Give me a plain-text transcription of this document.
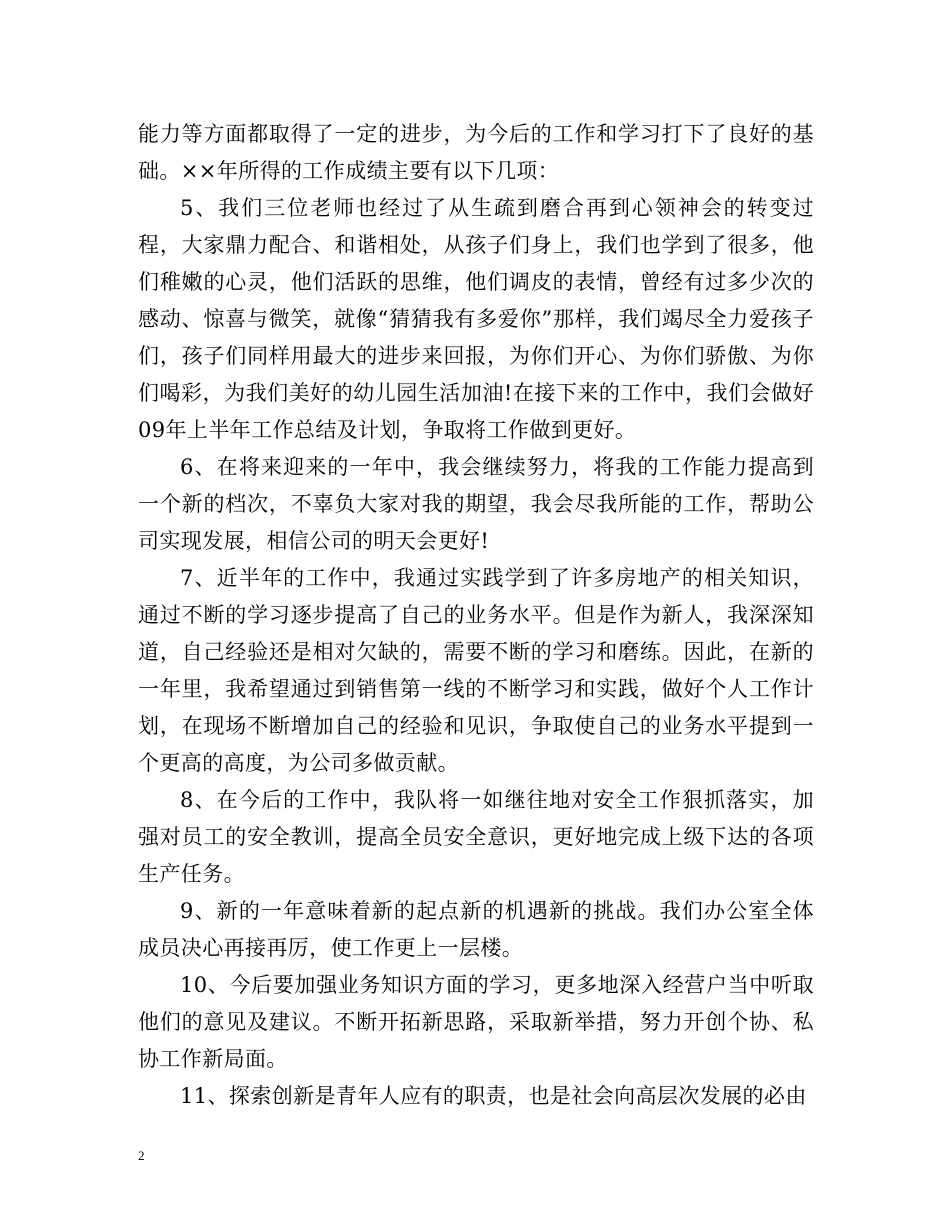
能力等方面都取得了一定的进步，为今后的工作和学习打下了良好的基础。××年所得的工作成绩主要有以下几项：

5、我们三位老师也经过了从生疏到磨合再到心领神会的转变过程，大家鼎力配合、和谐相处，从孩子们身上，我们也学到了很多，他们稚嫩的心灵，他们活跃的思维，他们调皮的表情，曾经有过多少次的感动、惊喜与微笑，就像“猜猜我有多爱你”那样，我们竭尽全力爱孩子们，孩子们同样用最大的进步来回报，为你们开心、为你们骄傲、为你们喝彩，为我们美好的幼儿园生活加油!在接下来的工作中，我们会做好09年上半年工作总结及计划，争取将工作做到更好。

6、在将来迎来的一年中，我会继续努力，将我的工作能力提高到一个新的档次，不辜负大家对我的期望，我会尽我所能的工作，帮助公司实现发展，相信公司的明天会更好!

7、近半年的工作中，我通过实践学到了许多房地产的相关知识，通过不断的学习逐步提高了自己的业务水平。但是作为新人，我深深知道，自己经验还是相对欠缺的，需要不断的学习和磨练。因此，在新的一年里，我希望通过到销售第一线的不断学习和实践，做好个人工作计划，在现场不断增加自己的经验和见识，争取使自己的业务水平提到一个更高的高度，为公司多做贡献。

8、在今后的工作中，我队将一如继往地对安全工作狠抓落实，加强对员工的安全教训，提高全员安全意识，更好地完成上级下达的各项生产任务。

9、新的一年意味着新的起点新的机遇新的挑战。我们办公室全体成员决心再接再厉，使工作更上一层楼。

10、今后要加强业务知识方面的学习，更多地深入经营户当中听取他们的意见及建议。不断开拓新思路，采取新举措，努力开创个协、私协工作新局面。

11、探索创新是青年人应有的职责，也是社会向高层次发展的必由

2
